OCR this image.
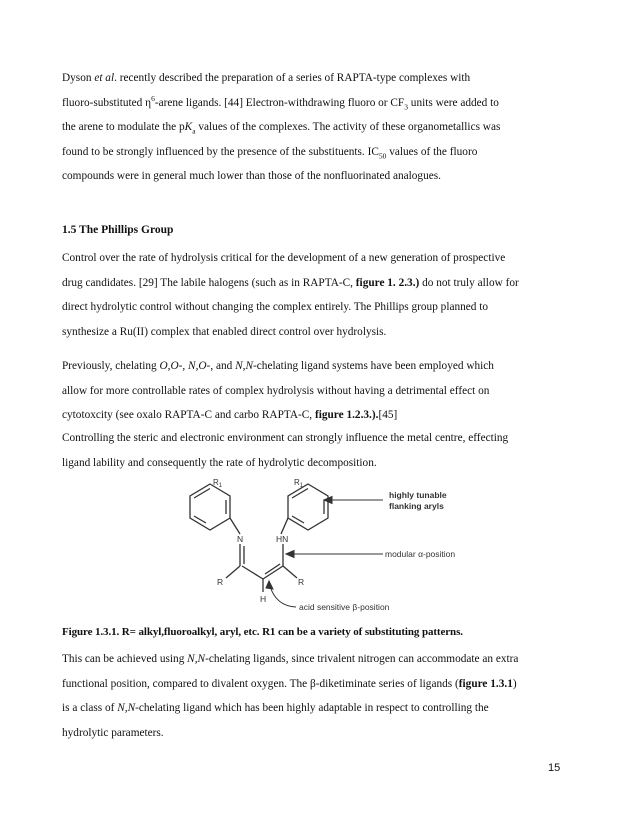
Dyson et al. recently described the preparation of a series of RAPTA-type complexes with
fluoro-substituted $\eta^6$-arene ligands. [44] Electron-withdrawing fluoro or $CF_3$ units were added to
the arene to modulate the $pK_a$ values of the complexes. The activity of these organometallics was
found to be strongly influenced by the presence of the substituents. $IC_{50}$ values of the fluoro
compounds were in general much lower than those of the nonfluorinated analogues.

1.5 The Phillips Group

Control over the rate of hydrolysis critical for the development of a new generation of prospective
drug candidates. [29] The labile halogens (such as in RAPTA-C, figure 1. 2.3.) do not truly allow for
direct hydrolytic control without changing the complex entirely. The Phillips group planned to
synthesize a Ru(II) complex that enabled direct control over hydrolysis.

Previously, chelating O,O-, N,O-, and N,N-chelating ligand systems have been employed which
allow for more controllable rates of complex hydrolysis without having a detrimental effect on
cytotoxcity (see oxalo RAPTA-C and carbo RAPTA-C, figure 1.2.3.).[45]

Controlling the steric and electronic environment can strongly influence the metal centre, effecting
ligand lability and consequently the rate of hydrolytic decomposition.

$R_1$	$R_1$
N	HN
R	R
H
highly tunable
flanking aryls
modular α-position
acid sensitive β-position

Figure 1.3.1. R= alkyl,fluoroalkyl, aryl, etc. R1 can be a variety of substituting patterns.

This can be achieved using N,N-chelating ligands, since trivalent nitrogen can accommodate an extra
functional position, compared to divalent oxygen. The β-diketiminate series of ligands (figure 1.3.1)
is a class of N,N-chelating ligand which has been highly adaptable in respect to controlling the
hydrolytic parameters.

15
